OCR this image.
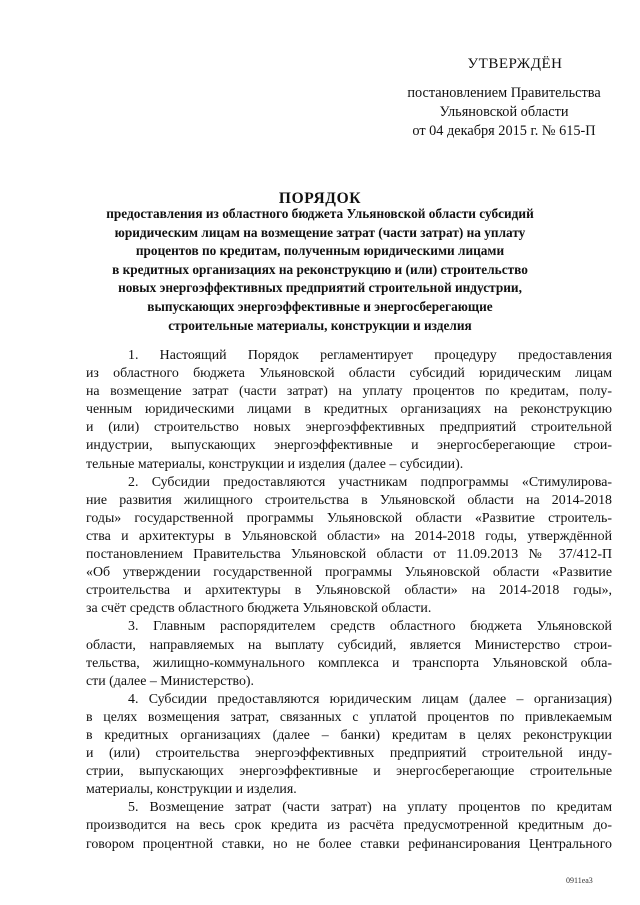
УТВЕРЖДЁН
постановлением Правительства
Ульяновской области
от 04 декабря 2015 г. № 615-П
ПОРЯДОК
предоставления из областного бюджета Ульяновской области субсидий
юридическим лицам на возмещение затрат (части затрат) на уплату
процентов по кредитам, полученным юридическими лицами
в кредитных организациях на реконструкцию и (или) строительство
новых энергоэффективных предприятий строительной индустрии,
выпускающих энергоэффективные и энергосберегающие
строительные материалы, конструкции и изделия
1. Настоящий Порядок регламентирует процедуру предоставления
из областного бюджета Ульяновской области субсидий юридическим лицам
на возмещение затрат (части затрат) на уплату процентов по кредитам, полу-
ченным юридическими лицами в кредитных организациях на реконструкцию
и (или) строительство новых энергоэффективных предприятий строительной
индустрии, выпускающих энергоэффективные и энергосберегающие строи-
тельные материалы, конструкции и изделия (далее – субсидии).
2. Субсидии предоставляются участникам подпрограммы «Стимулирова-
ние развития жилищного строительства в Ульяновской области на 2014-2018
годы» государственной программы Ульяновской области «Развитие строитель-
ства и архитектуры в Ульяновской области» на 2014-2018 годы, утверждённой
постановлением Правительства Ульяновской области от 11.09.2013 № 37/412-П
«Об утверждении государственной программы Ульяновской области «Развитие
строительства и архитектуры в Ульяновской области» на 2014-2018 годы»,
за счёт средств областного бюджета Ульяновской области.
3. Главным распорядителем средств областного бюджета Ульяновской
области, направляемых на выплату субсидий, является Министерство строи-
тельства, жилищно-коммунального комплекса и транспорта Ульяновской обла-
сти (далее – Министерство).
4. Субсидии предоставляются юридическим лицам (далее – организация)
в целях возмещения затрат, связанных с уплатой процентов по привлекаемым
в кредитных организациях (далее – банки) кредитам в целях реконструкции
и (или) строительства энергоэффективных предприятий строительной инду-
стрии, выпускающих энергоэффективные и энергосберегающие строительные
материалы, конструкции и изделия.
5. Возмещение затрат (части затрат) на уплату процентов по кредитам
производится на весь срок кредита из расчёта предусмотренной кредитным до-
говором процентной ставки, но не более ставки рефинансирования Центрального
0911ea3
